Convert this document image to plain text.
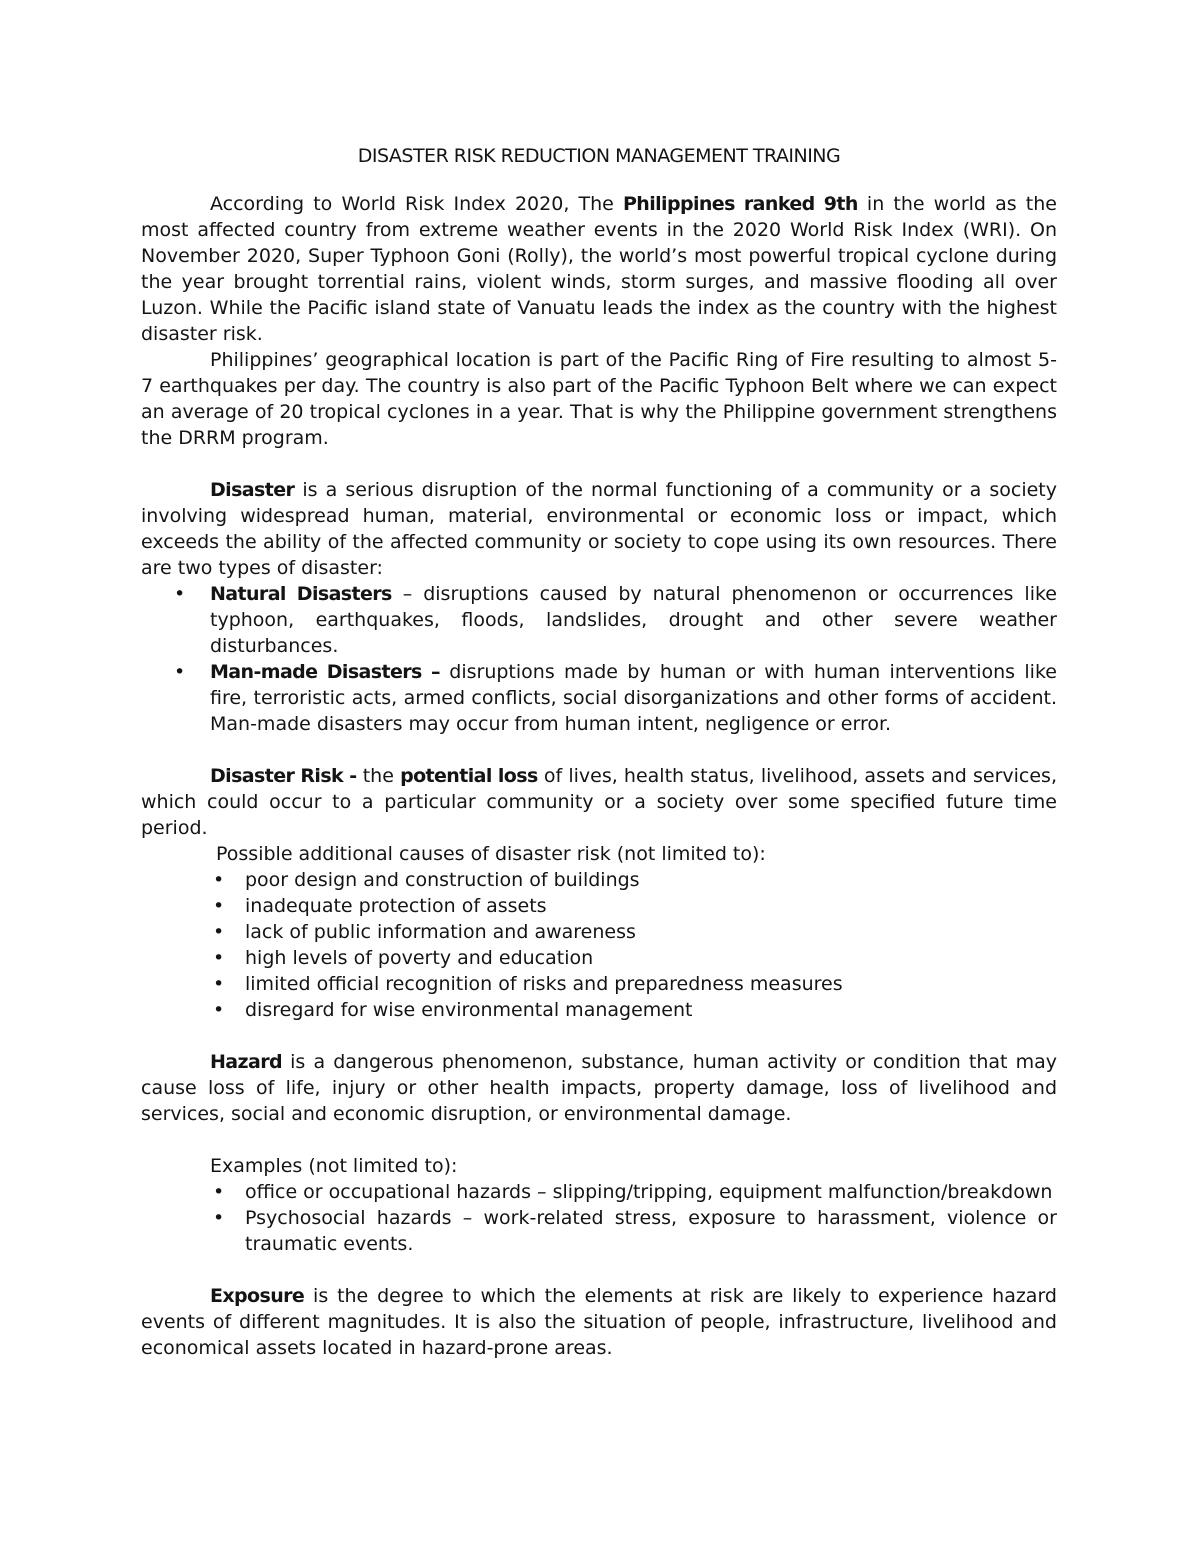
DISASTER RISK REDUCTION MANAGEMENT TRAINING

According to World Risk Index 2020, The Philippines ranked 9th in the world as the most affected country from extreme weather events in the 2020 World Risk Index (WRI). On November 2020, Super Typhoon Goni (Rolly), the world’s most powerful tropical cyclone during the year brought torrential rains, violent winds, storm surges, and massive flooding all over Luzon. While the Pacific island state of Vanuatu leads the index as the country with the highest disaster risk.

Philippines’ geographical location is part of the Pacific Ring of Fire resulting to almost 5-7 earthquakes per day. The country is also part of the Pacific Typhoon Belt where we can expect an average of 20 tropical cyclones in a year. That is why the Philippine government strengthens the DRRM program.

Disaster is a serious disruption of the normal functioning of a community or a society involving widespread human, material, environmental or economic loss or impact, which exceeds the ability of the affected community or society to cope using its own resources. There are two types of disaster:

• Natural Disasters – disruptions caused by natural phenomenon or occurrences like typhoon, earthquakes, floods, landslides, drought and other severe weather disturbances.
• Man-made Disasters – disruptions made by human or with human interventions like fire, terroristic acts, armed conflicts, social disorganizations and other forms of accident. Man-made disasters may occur from human intent, negligence or error.

Disaster Risk - the potential loss of lives, health status, livelihood, assets and services, which could occur to a particular community or a society over some specified future time period.

Possible additional causes of disaster risk (not limited to):

• poor design and construction of buildings
• inadequate protection of assets
• lack of public information and awareness
• high levels of poverty and education
• limited official recognition of risks and preparedness measures
• disregard for wise environmental management

Hazard is a dangerous phenomenon, substance, human activity or condition that may cause loss of life, injury or other health impacts, property damage, loss of livelihood and services, social and economic disruption, or environmental damage.

Examples (not limited to):

• office or occupational hazards – slipping/tripping, equipment malfunction/breakdown
• Psychosocial hazards – work-related stress, exposure to harassment, violence or traumatic events.

Exposure is the degree to which the elements at risk are likely to experience hazard events of different magnitudes. It is also the situation of people, infrastructure, livelihood and economical assets located in hazard-prone areas.
